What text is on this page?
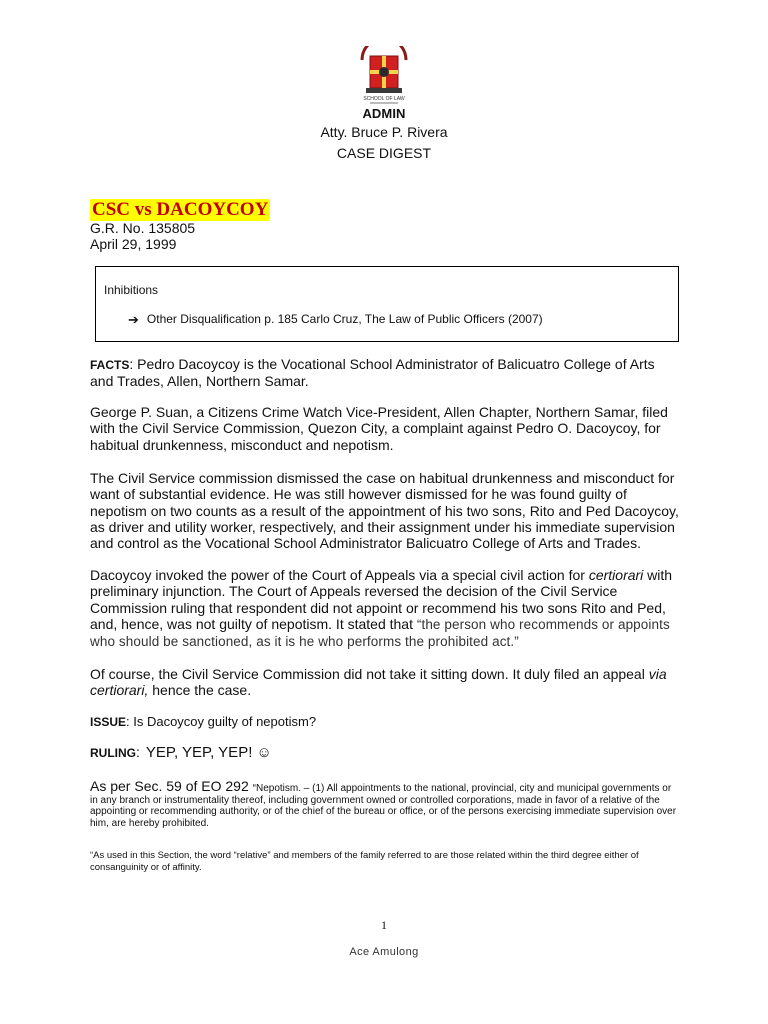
SCHOOL OF LAW
ADMIN
Atty. Bruce P. Rivera
CASE DIGEST
CSC vs DACOYCOY
G.R. No. 135805
April 29, 1999
Inhibitions
➔ Other Disqualification p. 185 Carlo Cruz, The Law of Public Officers (2007)
FACTS: Pedro Dacoycoy is the Vocational School Administrator of Balicuatro College of Arts and Trades, Allen, Northern Samar.
George P. Suan, a Citizens Crime Watch Vice-President, Allen Chapter, Northern Samar, filed with the Civil Service Commission, Quezon City, a complaint against Pedro O. Dacoycoy, for habitual drunkenness, misconduct and nepotism.
The Civil Service commission dismissed the case on habitual drunkenness and misconduct for want of substantial evidence. He was still however dismissed for he was found guilty of nepotism on two counts as a result of the appointment of his two sons, Rito and Ped Dacoycoy, as driver and utility worker, respectively, and their assignment under his immediate supervision and control as the Vocational School Administrator Balicuatro College of Arts and Trades.
Dacoycoy invoked the power of the Court of Appeals via a special civil action for certiorari with preliminary injunction. The Court of Appeals reversed the decision of the Civil Service Commission ruling that respondent did not appoint or recommend his two sons Rito and Ped, and, hence, was not guilty of nepotism. It stated that “the person who recommends or appoints who should be sanctioned, as it is he who performs the prohibited act.”
Of course, the Civil Service Commission did not take it sitting down. It duly filed an appeal via certiorari, hence the case.
ISSUE: Is Dacoycoy guilty of nepotism?
RULING: YEP, YEP, YEP! ☺
As per Sec. 59 of EO 292 “Nepotism. – (1) All appointments to the national, provincial, city and municipal governments or in any branch or instrumentality thereof, including government owned or controlled corporations, made in favor of a relative of the appointing or recommending authority, or of the chief of the bureau or office, or of the persons exercising immediate supervision over him, are hereby prohibited.
“As used in this Section, the word “relative” and members of the family referred to are those related within the third degree either of consanguinity or of affinity.
1
Ace Amulong
